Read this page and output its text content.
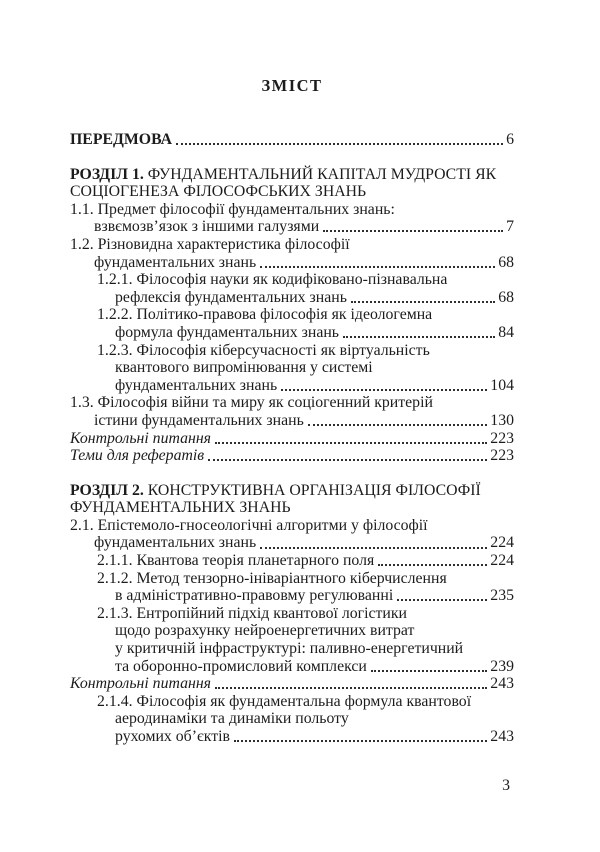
ЗМІСТ
ПЕРЕДМОВА	6
РОЗДІЛ 1. ФУНДАМЕНТАЛЬНИЙ КАПІТАЛ МУДРОСТІ ЯК
СОЦІОГЕНЕЗА ФІЛОСОФСЬКИХ ЗНАНЬ
1.1. Предмет філософії фундаментальних знань:
взвємозв’язок з іншими галузями	7
1.2. Різновидна характеристика філософії
фундаментальних знань	68
1.2.1. Філософія науки як кодифіковано-пізнавальна
рефлексія фундаментальних знань	68
1.2.2. Політико-правова філософія як ідеологемна
формула фундаментальних знань	84
1.2.3. Філософія кіберсучасності як віртуальність
квантового випромінювання у системі
фундаментальних знань	104
1.3. Філософія війни та миру як соціогенний критерій
істини фундаментальних знань	130
Контрольні питання	223
Теми для рефератів	223
РОЗДІЛ 2. КОНСТРУКТИВНА ОРГАНІЗАЦІЯ ФІЛОСОФІЇ
ФУНДАМЕНТАЛЬНИХ ЗНАНЬ
2.1. Епістемоло-гносеологічні алгоритми у філософії
фундаментальних знань	224
2.1.1. Квантова теорія планетарного поля	224
2.1.2. Метод тензорно-ініваріантного кіберчислення
в адміністративно-правовму регулюванні	235
2.1.3. Ентропійний підхід квантової логістики
щодо розрахунку нейроенергетичних витрат
у критичній інфраструктурі: паливно-енергетичний
та оборонно-промисловий комплекси	239
Контрольні питання	243
2.1.4. Філософія як фундаментальна формула квантової
аеродинаміки та динаміки польоту
рухомих об’єктів	243
3
